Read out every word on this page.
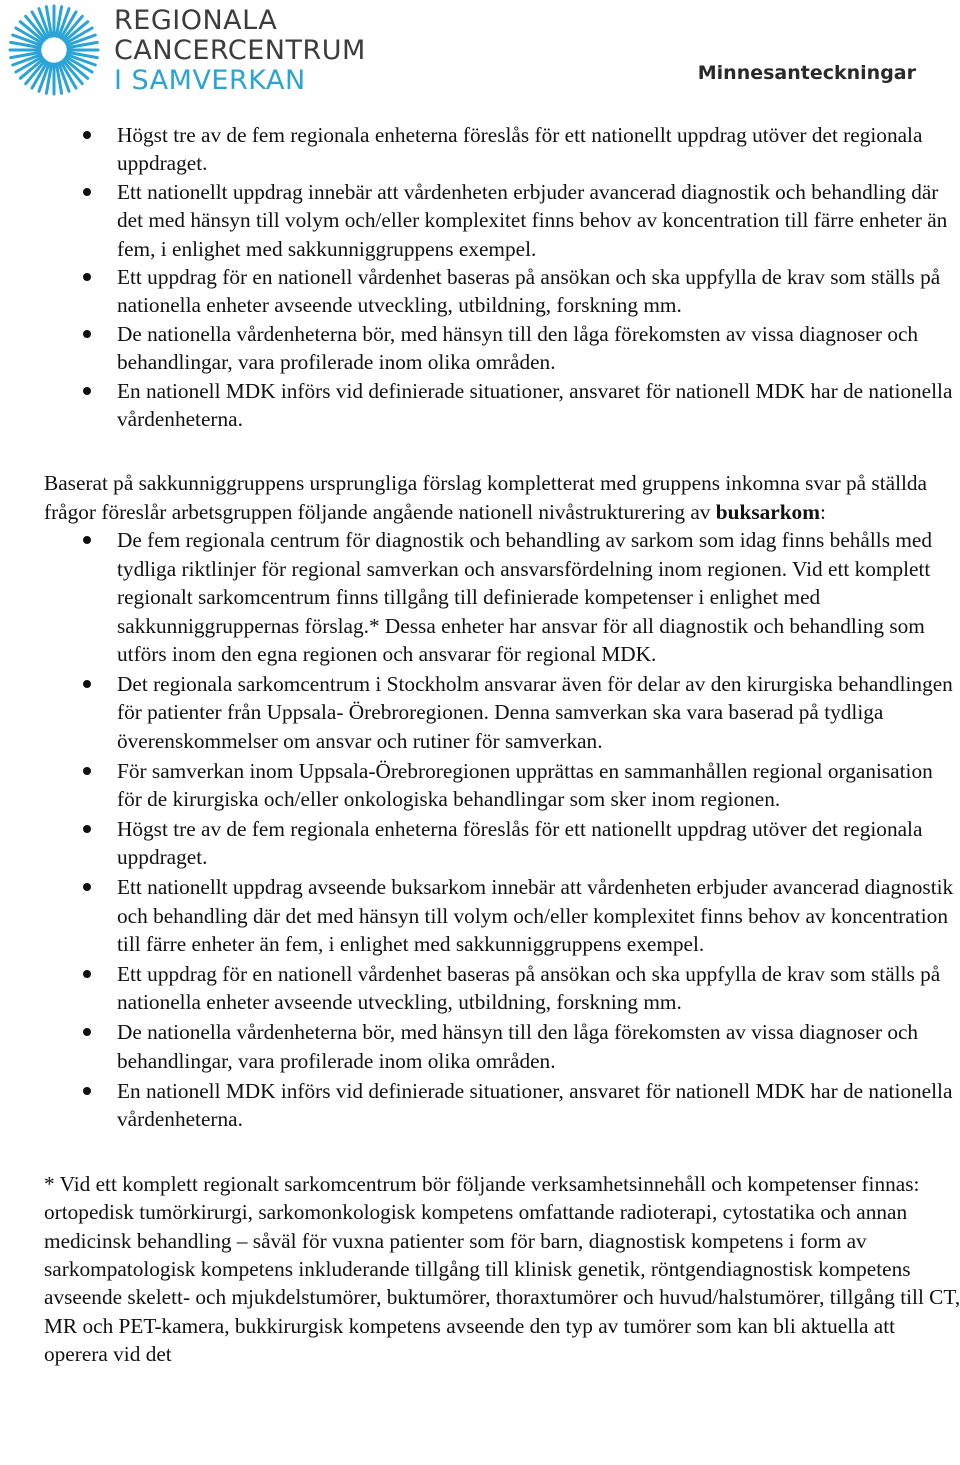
REGIONALA
CANCERCENTRUM
I SAMVERKAN	Minnesanteckningar
Högst tre av de fem regionala enheterna föreslås för ett nationellt uppdrag utöver det regionala uppdraget.
Ett nationellt uppdrag innebär att vårdenheten erbjuder avancerad diagnostik och behandling där det med hänsyn till volym och/eller komplexitet finns behov av koncentration till färre enheter än fem, i enlighet med sakkunniggruppens exempel.
Ett uppdrag för en nationell vårdenhet baseras på ansökan och ska uppfylla de krav som ställs på nationella enheter avseende utveckling, utbildning, forskning mm.
De nationella vårdenheterna bör, med hänsyn till den låga förekomsten av vissa diagnoser och behandlingar, vara profilerade inom olika områden.
En nationell MDK införs vid definierade situationer, ansvaret för nationell MDK har de nationella vårdenheterna.

Baserat på sakkunniggruppens ursprungliga förslag kompletterat med gruppens inkomna svar på ställda frågor föreslår arbetsgruppen följande angående nationell nivåstrukturering av buksarkom:

De fem regionala centrum för diagnostik och behandling av sarkom som idag finns behålls med tydliga riktlinjer för regional samverkan och ansvarsfördelning inom regionen. Vid ett komplett regionalt sarkomcentrum finns tillgång till definierade kompetenser i enlighet med sakkunniggruppernas förslag.* Dessa enheter har ansvar för all diagnostik och behandling som utförs inom den egna regionen och ansvarar för regional MDK.
Det regionala sarkomcentrum i Stockholm ansvarar även för delar av den kirurgiska behandlingen för patienter från Uppsala- Örebroregionen. Denna samverkan ska vara baserad på tydliga överenskommelser om ansvar och rutiner för samverkan.
För samverkan inom Uppsala-Örebroregionen upprättas en sammanhållen regional organisation för de kirurgiska och/eller onkologiska behandlingar som sker inom regionen.
Högst tre av de fem regionala enheterna föreslås för ett nationellt uppdrag utöver det regionala uppdraget.
Ett nationellt uppdrag avseende buksarkom innebär att vårdenheten erbjuder avancerad diagnostik och behandling där det med hänsyn till volym och/eller komplexitet finns behov av koncentration till färre enheter än fem, i enlighet med sakkunniggruppens exempel.
Ett uppdrag för en nationell vårdenhet baseras på ansökan och ska uppfylla de krav som ställs på nationella enheter avseende utveckling, utbildning, forskning mm.
De nationella vårdenheterna bör, med hänsyn till den låga förekomsten av vissa diagnoser och behandlingar, vara profilerade inom olika områden.
En nationell MDK införs vid definierade situationer, ansvaret för nationell MDK har de nationella vårdenheterna.

* Vid ett komplett regionalt sarkomcentrum bör följande verksamhetsinnehåll och kompetenser finnas: ortopedisk tumörkirurgi, sarkomonkologisk kompetens omfattande radioterapi, cytostatika och annan medicinsk behandling – såväl för vuxna patienter som för barn, diagnostisk kompetens i form av sarkompatologisk kompetens inkluderande tillgång till klinisk genetik, röntgendiagnostisk kompetens avseende skelett- och mjukdelstumörer, buktumörer, thoraxtumörer och huvud/halstumörer, tillgång till CT, MR och PET-kamera, bukkirurgisk kompetens avseende den typ av tumörer som kan bli aktuella att operera vid det
